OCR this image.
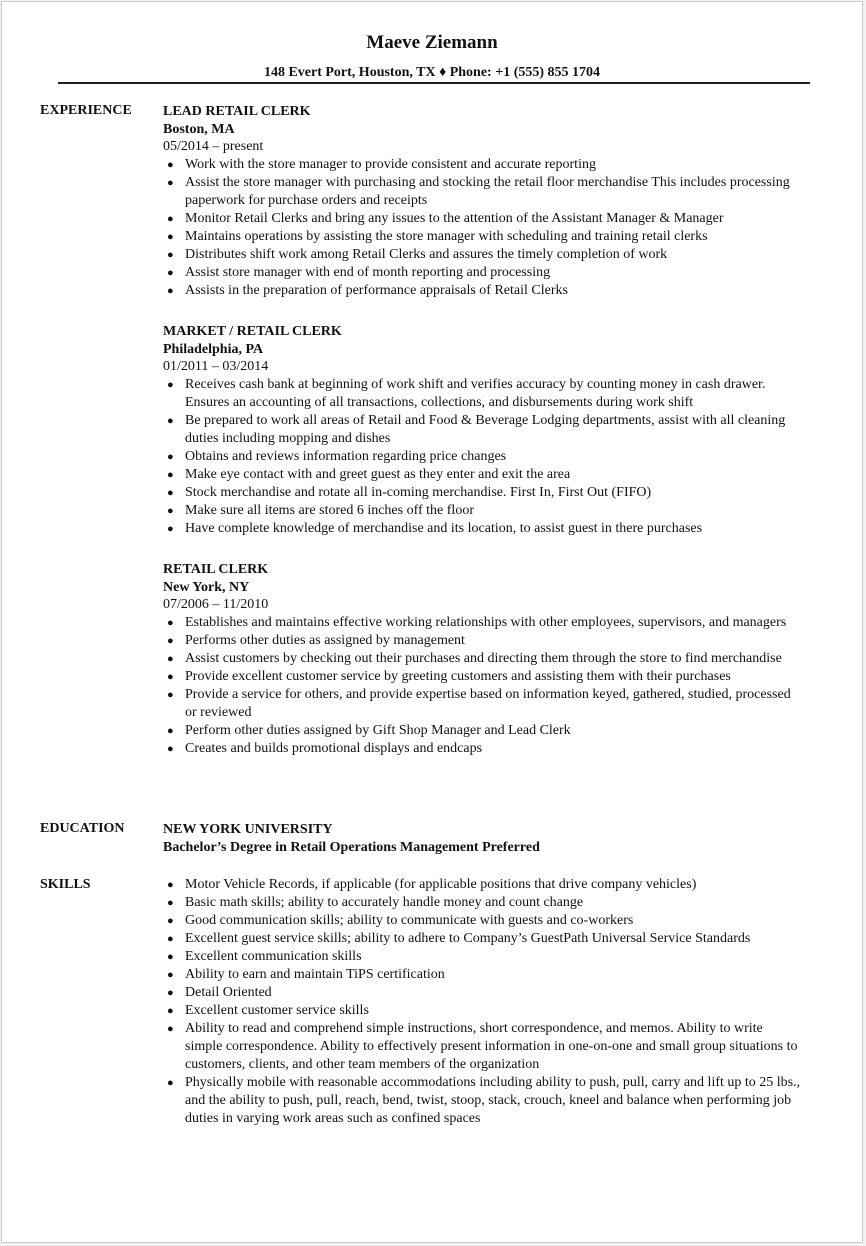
Maeve Ziemann
148 Evert Port, Houston, TX ♦ Phone: +1 (555) 855 1704
EXPERIENCE LEAD RETAIL CLERK
Boston, MA
05/2014 – present
● Work with the store manager to provide consistent and accurate reporting
● Assist the store manager with purchasing and stocking the retail floor merchandise This includes processing paperwork for purchase orders and receipts
● Monitor Retail Clerks and bring any issues to the attention of the Assistant Manager & Manager
● Maintains operations by assisting the store manager with scheduling and training retail clerks
● Distributes shift work among Retail Clerks and assures the timely completion of work
● Assist store manager with end of month reporting and processing
● Assists in the preparation of performance appraisals of Retail Clerks
MARKET / RETAIL CLERK
Philadelphia, PA
01/2011 – 03/2014
● Receives cash bank at beginning of work shift and verifies accuracy by counting money in cash drawer. Ensures an accounting of all transactions, collections, and disbursements during work shift
● Be prepared to work all areas of Retail and Food & Beverage Lodging departments, assist with all cleaning duties including mopping and dishes
● Obtains and reviews information regarding price changes
● Make eye contact with and greet guest as they enter and exit the area
● Stock merchandise and rotate all in-coming merchandise. First In, First Out (FIFO)
● Make sure all items are stored 6 inches off the floor
● Have complete knowledge of merchandise and its location, to assist guest in there purchases
RETAIL CLERK
New York, NY
07/2006 – 11/2010
● Establishes and maintains effective working relationships with other employees, supervisors, and managers
● Performs other duties as assigned by management
● Assist customers by checking out their purchases and directing them through the store to find merchandise
● Provide excellent customer service by greeting customers and assisting them with their purchases
● Provide a service for others, and provide expertise based on information keyed, gathered, studied, processed or reviewed
● Perform other duties assigned by Gift Shop Manager and Lead Clerk
● Creates and builds promotional displays and endcaps
EDUCATION	NEW YORK UNIVERSITY
Bachelor’s Degree in Retail Operations Management Preferred
SKILLS	● Motor Vehicle Records, if applicable (for applicable positions that drive company vehicles)
● Basic math skills; ability to accurately handle money and count change
● Good communication skills; ability to communicate with guests and co-workers
● Excellent guest service skills; ability to adhere to Company’s GuestPath Universal Service Standards
● Excellent communication skills
● Ability to earn and maintain TiPS certification
● Detail Oriented
● Excellent customer service skills
● Ability to read and comprehend simple instructions, short correspondence, and memos. Ability to write simple correspondence. Ability to effectively present information in one-on-one and small group situations to customers, clients, and other team members of the organization
● Physically mobile with reasonable accommodations including ability to push, pull, carry and lift up to 25 lbs., and the ability to push, pull, reach, bend, twist, stoop, stack, crouch, kneel and balance when performing job duties in varying work areas such as confined spaces
